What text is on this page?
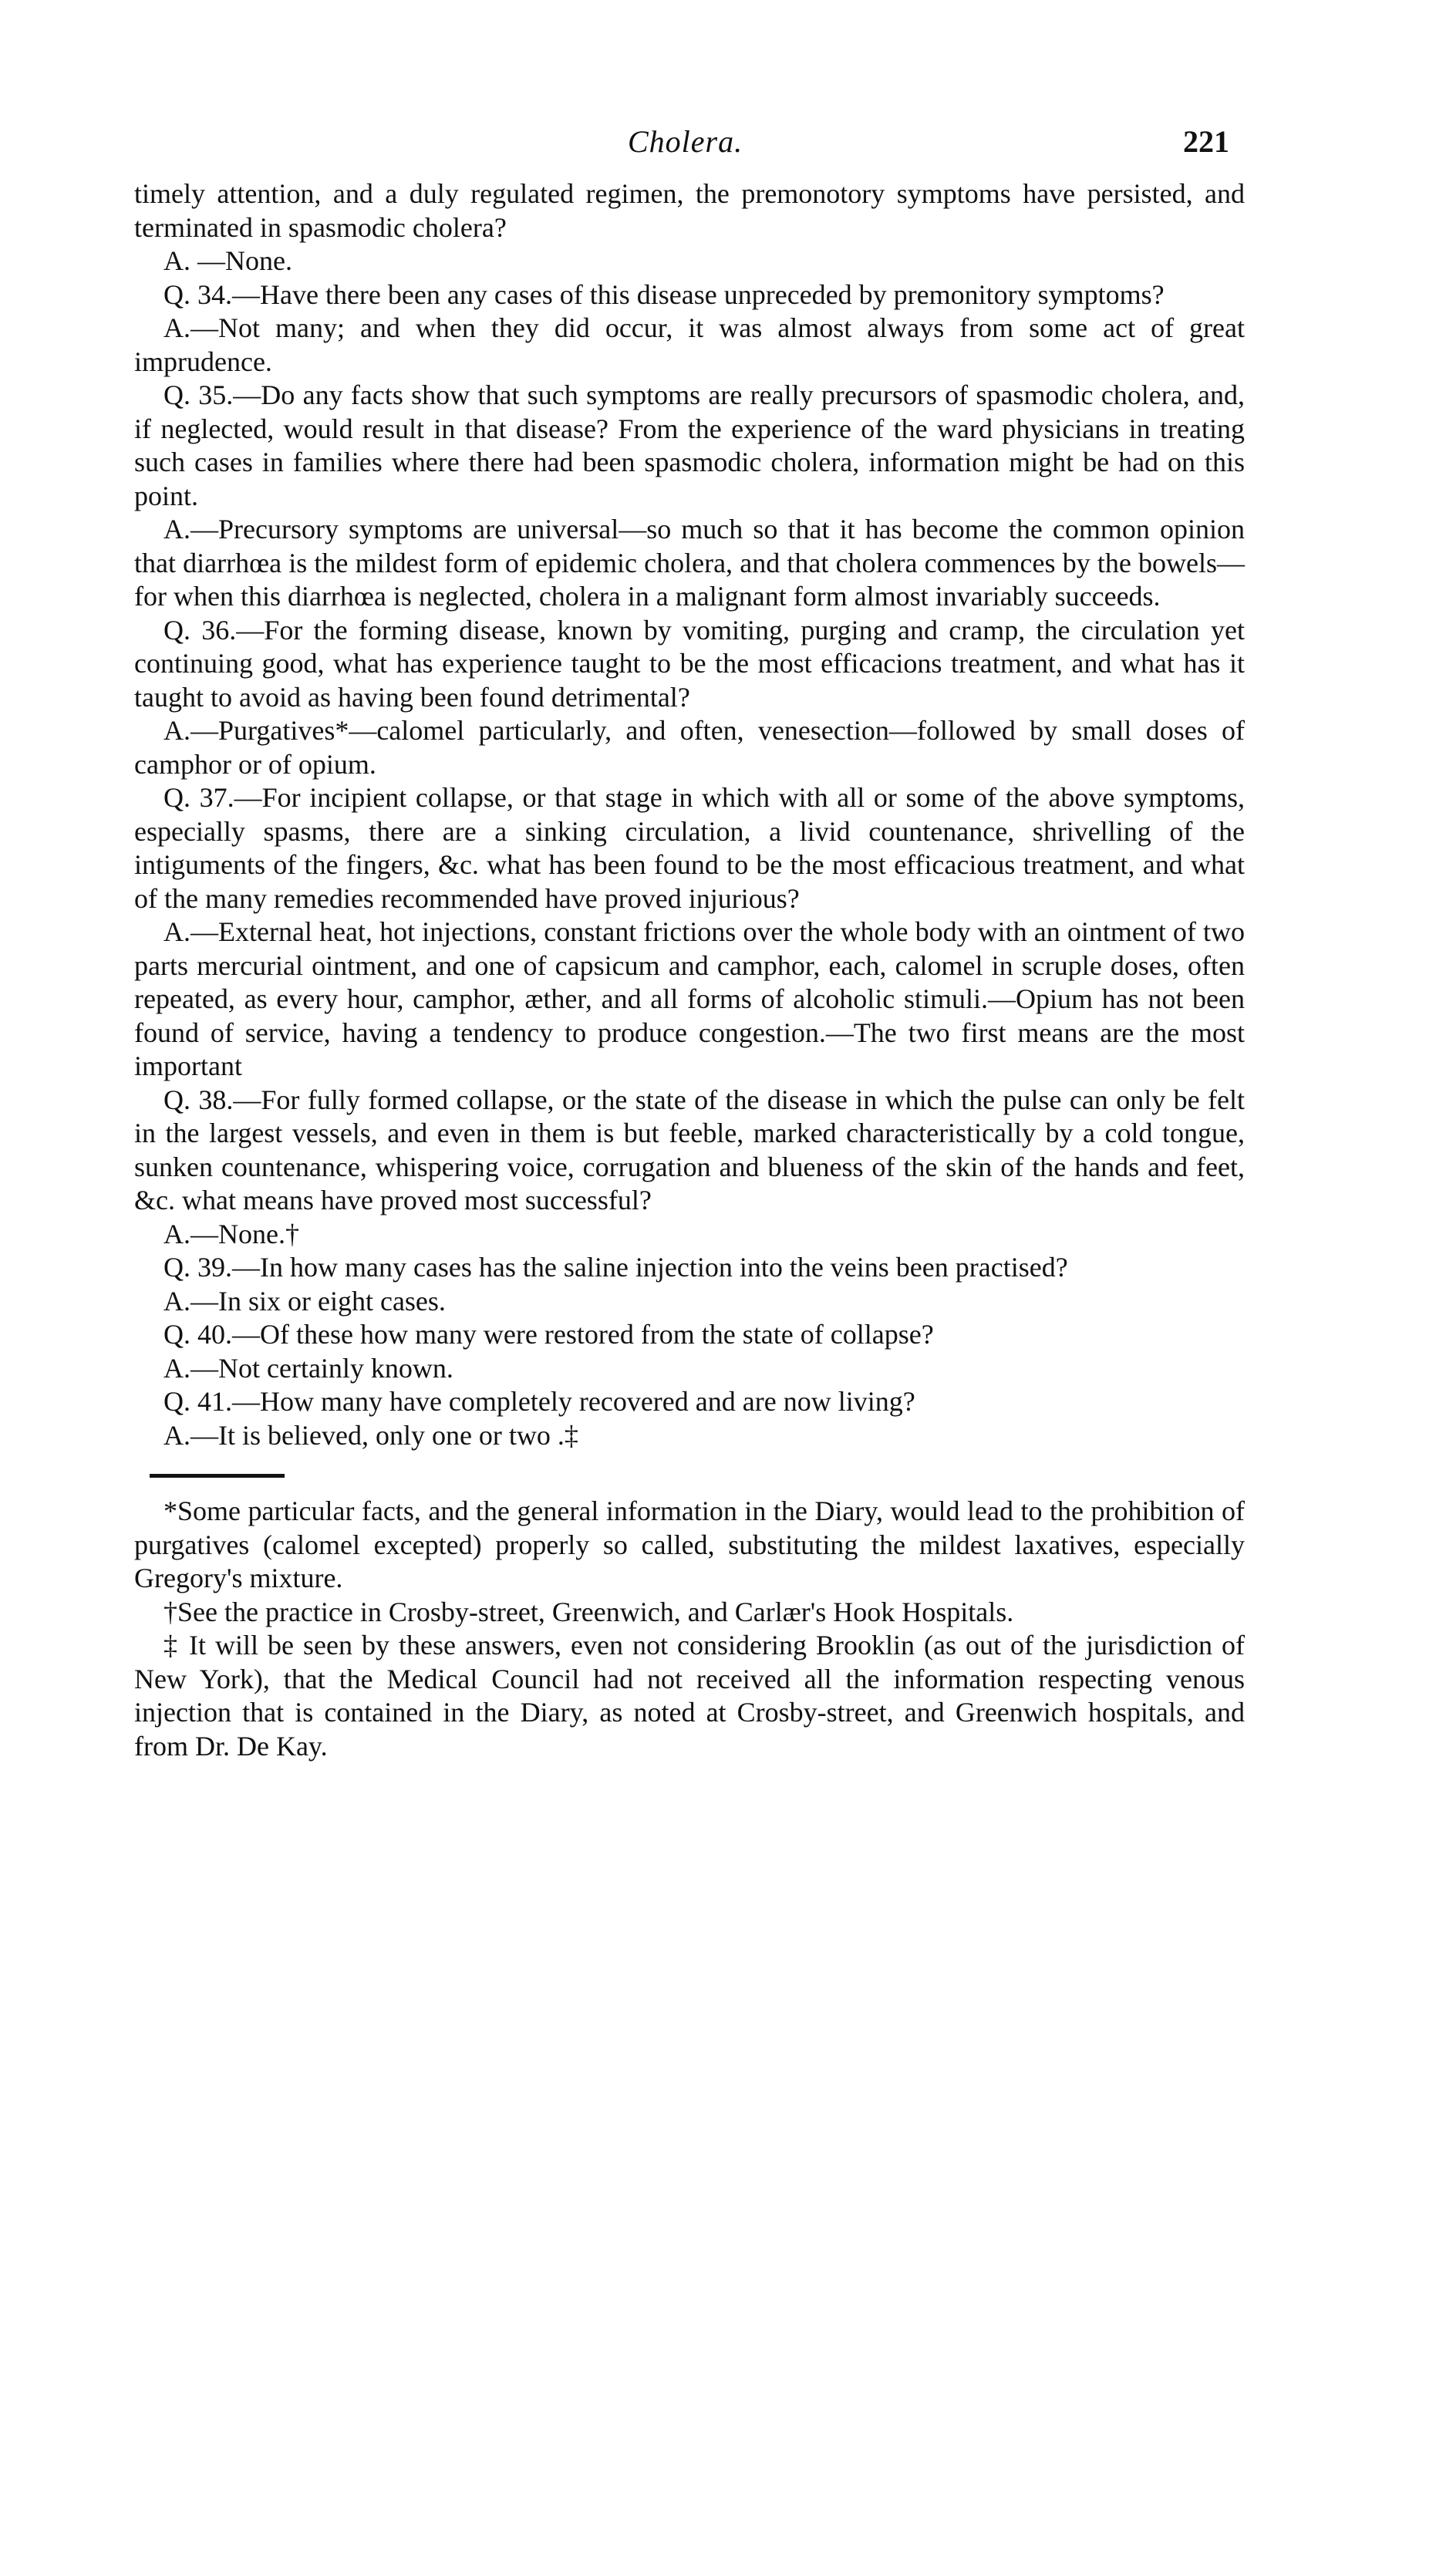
Cholera.	221

timely attention, and a duly regulated regimen, the premonotory symptoms have persisted, and terminated in spasmodic cholera?

A. —None.

Q. 34.—Have there been any cases of this disease unpreceded by premonitory symptoms?

A.—Not many; and when they did occur, it was almost always from some act of great imprudence.

Q. 35.—Do any facts show that such symptoms are really precursors of spasmodic cholera, and, if neglected, would result in that disease? From the experience of the ward physicians in treating such cases in families where there had been spasmodic cholera, information might be had on this point.

A.—Precursory symptoms are universal—so much so that it has become the common opinion that diarrhœa is the mildest form of epidemic cholera, and that cholera commences by the bowels—for when this diarrhœa is neglected, cholera in a malignant form almost invariably succeeds.

Q. 36.—For the forming disease, known by vomiting, purging and cramp, the circulation yet continuing good, what has experience taught to be the most efficacions treatment, and what has it taught to avoid as having been found detrimental?

A.—Purgatives*—calomel particularly, and often, venesection—followed by small doses of camphor or of opium.

Q. 37.—For incipient collapse, or that stage in which with all or some of the above symptoms, especially spasms, there are a sinking circulation, a livid countenance, shrivelling of the intiguments of the fingers, &c. what has been found to be the most efficacious treatment, and what of the many remedies recommended have proved injurious?

A.—External heat, hot injections, constant frictions over the whole body with an ointment of two parts mercurial ointment, and one of capsicum and camphor, each, calomel in scruple doses, often repeated, as every hour, camphor, æther, and all forms of alcoholic stimuli.—Opium has not been found of service, having a tendency to produce congestion.—The two first means are the most important

Q. 38.—For fully formed collapse, or the state of the disease in which the pulse can only be felt in the largest vessels, and even in them is but feeble, marked characteristically by a cold tongue, sunken countenance, whispering voice, corrugation and blueness of the skin of the hands and feet, &c. what means have proved most successful?

A.—None.†

Q. 39.—In how many cases has the saline injection into the veins been practised?

A.—In six or eight cases.

Q. 40.—Of these how many were restored from the state of collapse?

A.—Not certainly known.

Q. 41.—How many have completely recovered and are now living?

A.—It is believed, only one or two .‡

*Some particular facts, and the general information in the Diary, would lead to the prohibition of purgatives (calomel excepted) properly so called, substituting the mildest laxatives, especially Gregory's mixture.

†See the practice in Crosby-street, Greenwich, and Carlær's Hook Hospitals.

‡ It will be seen by these answers, even not considering Brooklin (as out of the jurisdiction of New York), that the Medical Council had not received all the information respecting venous injection that is contained in the Diary, as noted at Crosby-street, and Greenwich hospitals, and from Dr. De Kay.
